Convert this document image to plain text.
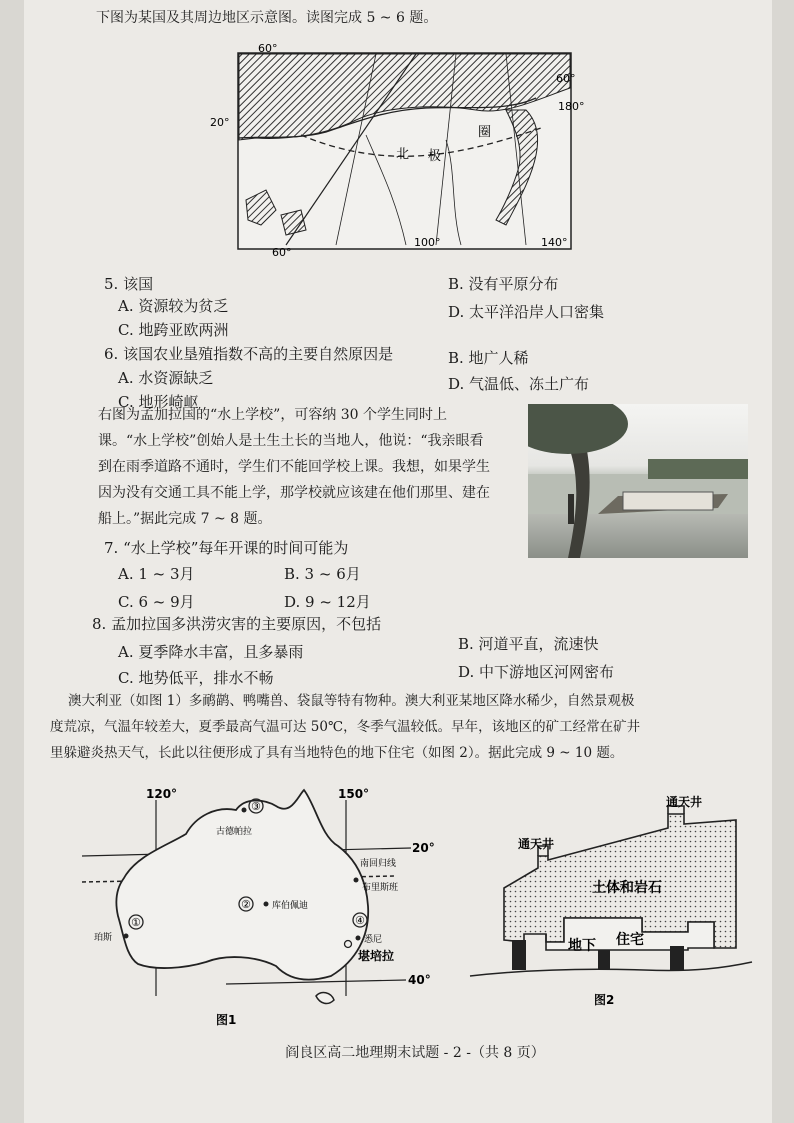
下图为某国及其周边地区示意图。读图完成 5 ~ 6 题。
60°
20°
60°
180°
60°
100°	140°
北 极
圈
5. 该国	B. 没有平原分布
A. 资源较为贫乏	D. 太平洋沿岸人口密集
C. 地跨亚欧两洲
6. 该国农业垦殖指数不高的主要自然原因是	B. 地广人稀
A. 水资源缺乏	D. 气温低、冻土广布
C. 地形崎岖
右图为孟加拉国的“水上学校”，可容纳 30 个学生同时上
课。“水上学校”创始人是土生土长的当地人，他说：“我亲眼看
到在雨季道路不通时，学生们不能回学校上课。我想，如果学生
因为没有交通工具不能上学，那学校就应该建在他们那里、建在
船上。”据此完成 7 ~ 8 题。
7. “水上学校”每年开课的时间可能为
A. 1 ~ 3月	B. 3 ~ 6月
C. 6 ~ 9月	D. 9 ~ 12月
8. 孟加拉国多洪涝灾害的主要原因，不包括
B. 河道平直，流速快
A. 夏季降水丰富，且多暴雨
D. 中下游地区河网密布
C. 地势低平，排水不畅
澳大利亚（如图 1）多鸸鹋、鸭嘴兽、袋鼠等特有物种。澳大利亚某地区降水稀少，自然景观极
度荒凉，气温年较差大，夏季最高气温可达 50℃，冬季气温较低。早年，该地区的矿工经常在矿井
里躲避炎热天气，长此以往便形成了具有当地特色的地下住宅（如图 2）。据此完成 9 ~ 10 题。
①
②
③
④
120°	150°
20°
40°
南回归线
古德帕拉
布里斯班
库伯佩迪
珀斯	悉尼
堪培拉
图1
通天井
通天井
土体和岩石
地下 住宅
图2
阎良区高二地理期末试题 - 2 -（共 8 页）
